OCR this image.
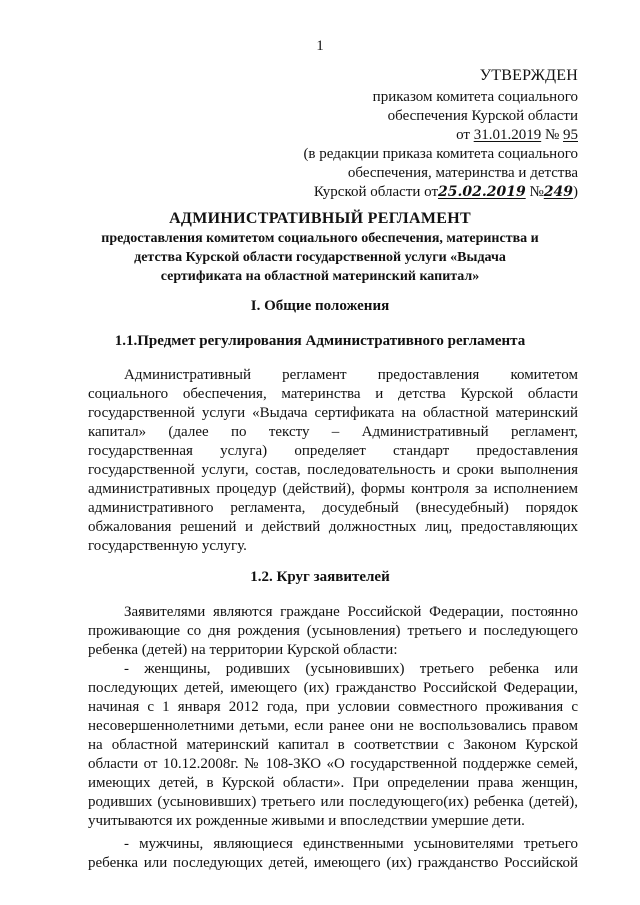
1
УТВЕРЖДЕН
приказом комитета социального
обеспечения Курской области
от 31.01.2019 № 95
(в редакции приказа комитета социального
обеспечения, материнства и детства
Курской области от25.02.2019 №249)
АДМИНИСТРАТИВНЫЙ РЕГЛАМЕНТ
предоставления комитетом социального обеспечения, материнства и
детства Курской области государственной услуги «Выдача
сертификата на областной материнский капитал»
I. Общие положения
1.1.Предмет регулирования Административного регламента
Административный регламент предоставления комитетом
социального обеспечения, материнства и детства Курской области
государственной услуги «Выдача сертификата на областной материнский
капитал» (далее по тексту – Административный регламент,
государственная услуга) определяет стандарт предоставления
государственной услуги, состав, последовательность и сроки выполнения
административных процедур (действий), формы контроля за исполнением
административного регламента, досудебный (внесудебный) порядок
обжалования решений и действий должностных лиц, предоставляющих
государственную услугу.
1.2. Круг заявителей
Заявителями являются граждане Российской Федерации, постоянно
проживающие со дня рождения (усыновления) третьего и последующего
ребенка (детей) на территории Курской области:
- женщины, родивших (усыновивших) третьего ребенка или
последующих детей, имеющего (их) гражданство Российской Федерации,
начиная с 1 января 2012 года, при условии совместного проживания с
несовершеннолетними детьми, если ранее они не воспользовались правом
на областной материнский капитал в соответствии с Законом Курской
области от 10.12.2008г. № 108-ЗКО «О государственной поддержке семей,
имеющих детей, в Курской области». При определении права женщин,
родивших (усыновивших) третьего или последующего(их) ребенка (детей),
учитываются их рожденные живыми и впоследствии умершие дети.
- мужчины, являющиеся единственными усыновителями третьего
ребенка или последующих детей, имеющего (их) гражданство Российской
